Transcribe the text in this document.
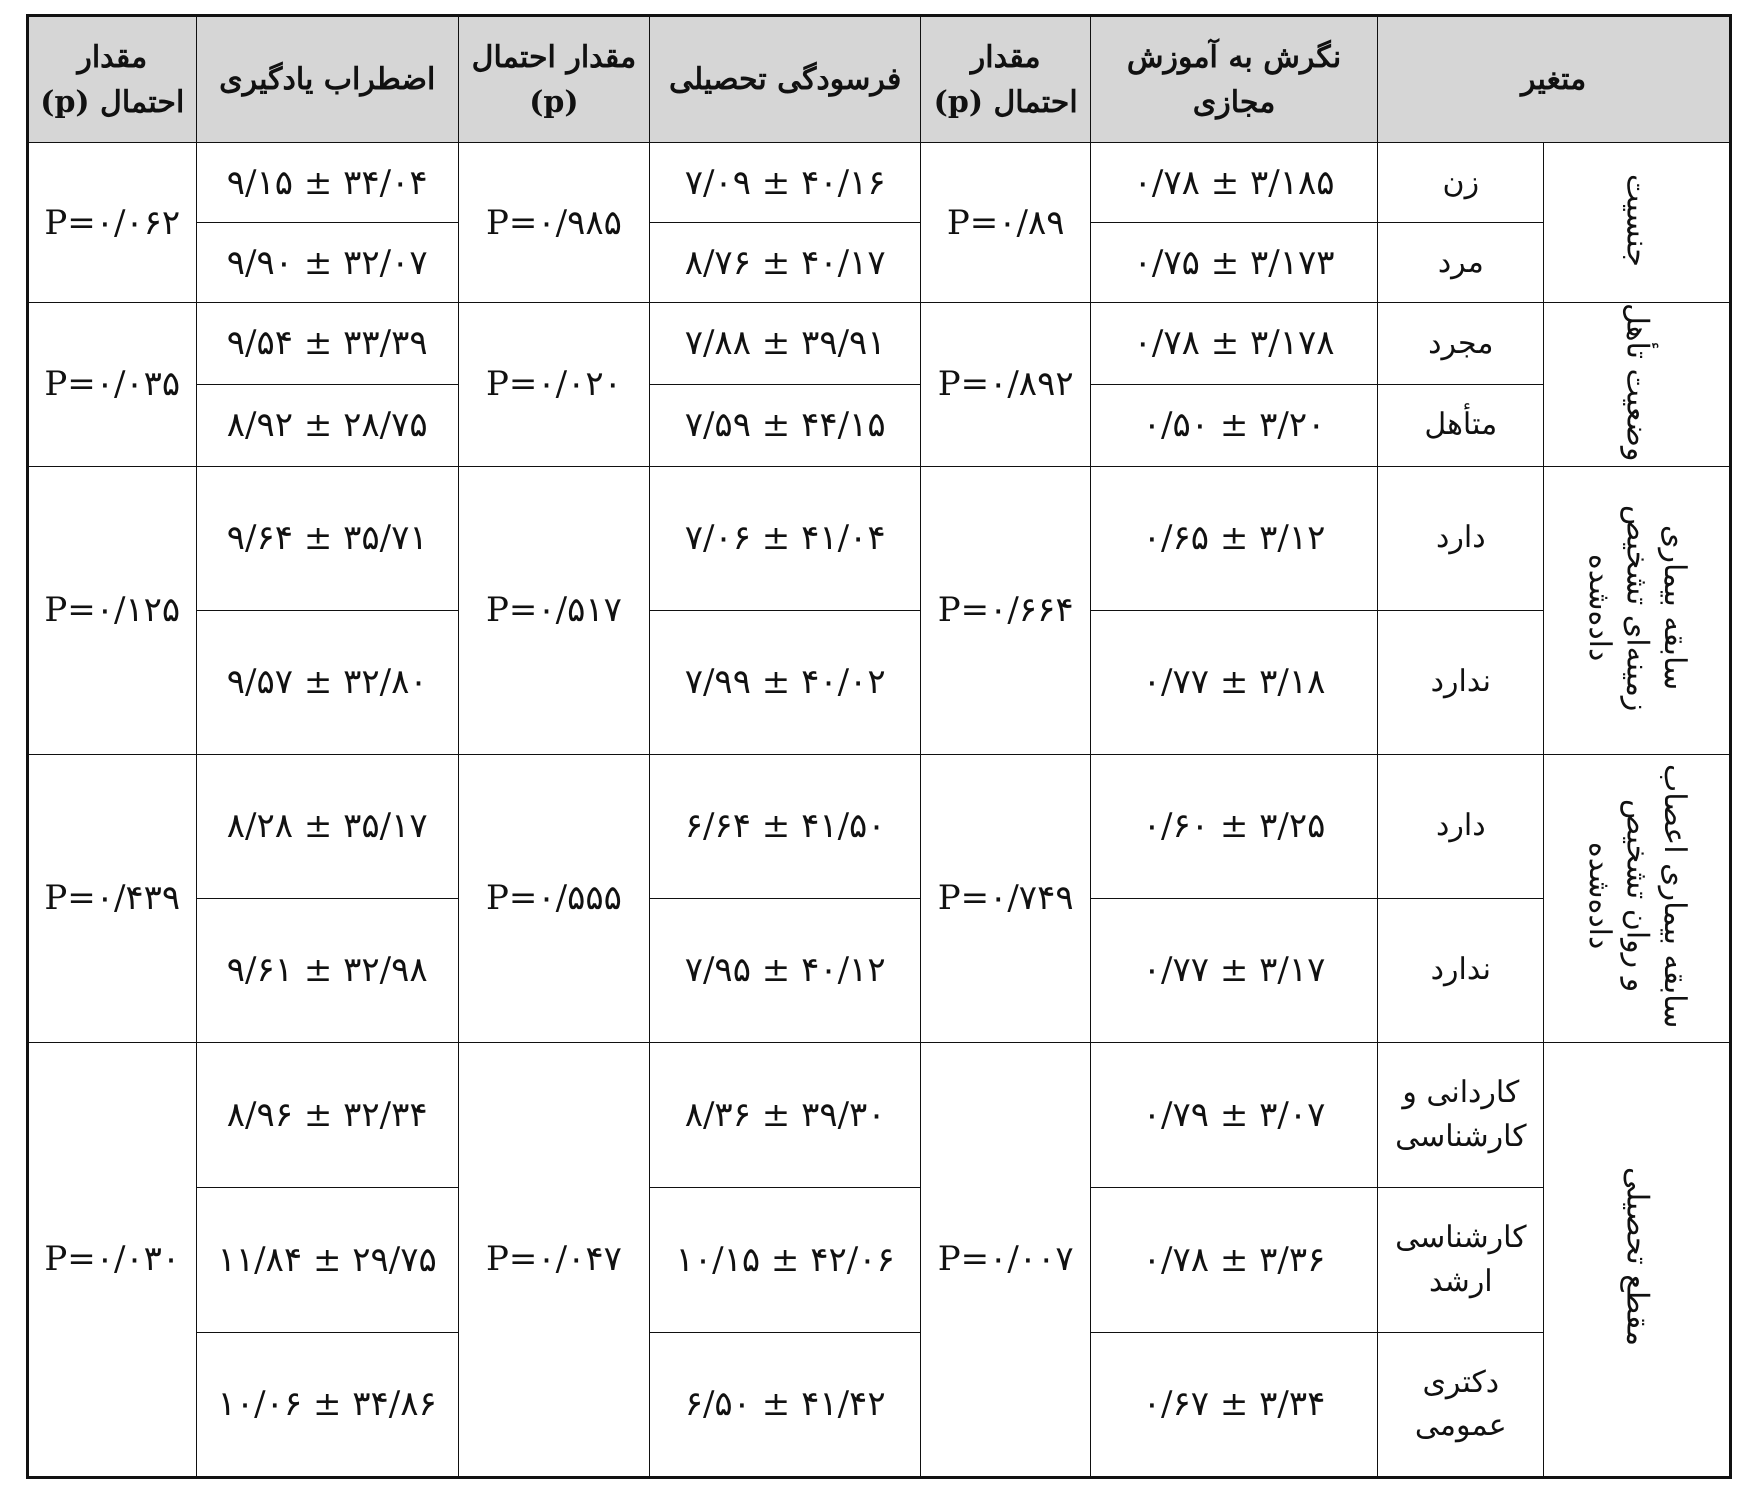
متغیر		نگرش به آموزش مجازی	مقدار احتمال (p)	فرسودگی تحصیلی	مقدار احتمال (p)	اضطراب یادگیری	مقدار احتمال (p)
جنسیت	زن	۳/۱۸۵ ± ۰/۷۸	P=۰/۸۹	۴۰/۱۶ ± ۷/۰۹	P=۰/۹۸۵	۳۴/۰۴ ± ۹/۱۵	P=۰/۰۶۲
	مرد	۳/۱۷۳ ± ۰/۷۵		۴۰/۱۷ ± ۸/۷۶		۳۲/۰۷ ± ۹/۹۰	
وضعیت تأهل	مجرد	۳/۱۷۸ ± ۰/۷۸	P=۰/۸۹۲	۳۹/۹۱ ± ۷/۸۸	P=۰/۰۲۰	۳۳/۳۹ ± ۹/۵۴	P=۰/۰۳۵
	متأهل	۳/۲۰ ± ۰/۵۰		۴۴/۱۵ ± ۷/۵۹		۲۸/۷۵ ± ۸/۹۲	
سابقه بیماری زمینه‌ای تشخیص داده‌شده	دارد	۳/۱۲ ± ۰/۶۵	P=۰/۶۶۴	۴۱/۰۴ ± ۷/۰۶	P=۰/۵۱۷	۳۵/۷۱ ± ۹/۶۴	P=۰/۱۲۵
	ندارد	۳/۱۸ ± ۰/۷۷		۴۰/۰۲ ± ۷/۹۹		۳۲/۸۰ ± ۹/۵۷	
سابقه بیماری اعصاب و روان تشخیص داده‌شده	دارد	۳/۲۵ ± ۰/۶۰	P=۰/۷۴۹	۴۱/۵۰ ± ۶/۶۴	P=۰/۵۵۵	۳۵/۱۷ ± ۸/۲۸	P=۰/۴۳۹
	ندارد	۳/۱۷ ± ۰/۷۷		۴۰/۱۲ ± ۷/۹۵		۳۲/۹۸ ± ۹/۶۱	
مقطع تحصیلی	کاردانی و کارشناسی	۳/۰۷ ± ۰/۷۹	P=۰/۰۰۷	۳۹/۳۰ ± ۸/۳۶	P=۰/۰۴۷	۳۲/۳۴ ± ۸/۹۶	P=۰/۰۳۰
	کارشناسی ارشد	۳/۳۶ ± ۰/۷۸		۴۲/۰۶ ± ۱۰/۱۵		۲۹/۷۵ ± ۱۱/۸۴	
	دکتری عمومی	۳/۳۴ ± ۰/۶۷		۴۱/۴۲ ± ۶/۵۰		۳۴/۸۶ ± ۱۰/۰۶	
